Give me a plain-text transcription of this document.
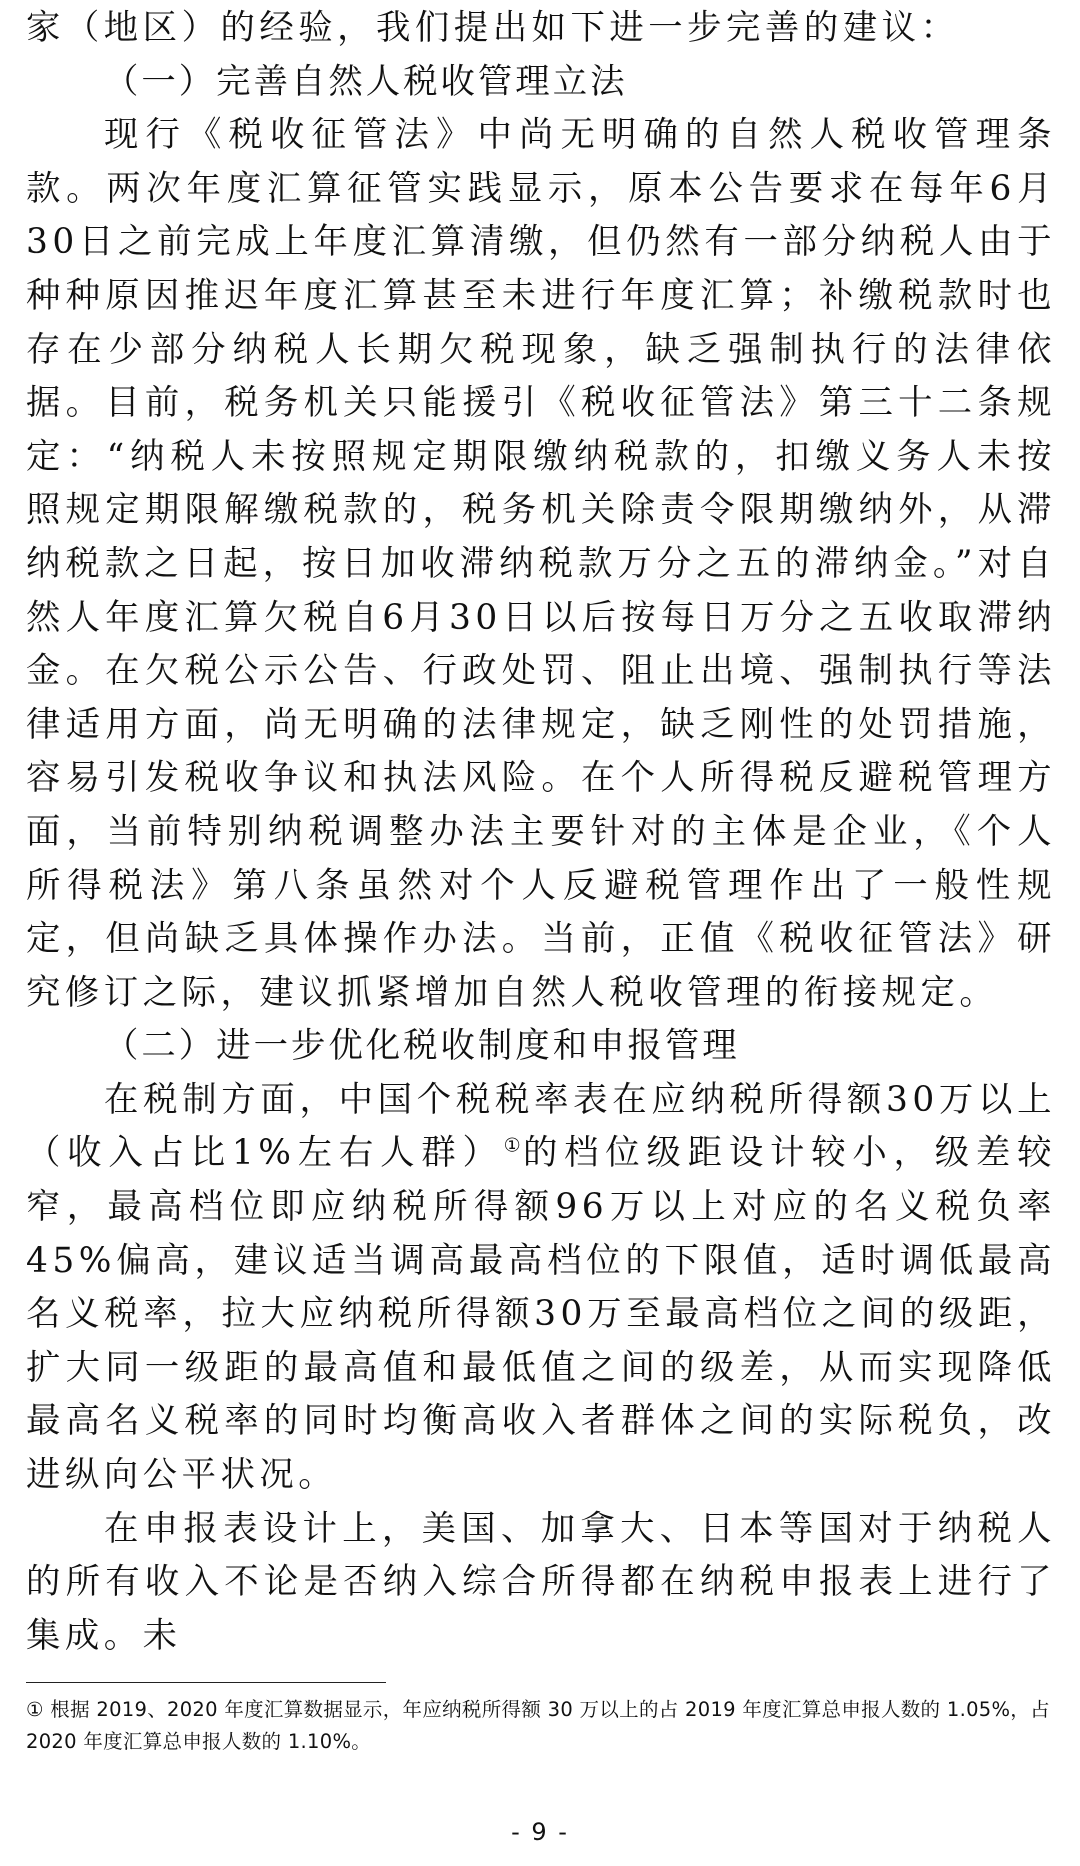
家（地区）的经验，我们提出如下进一步完善的建议：

（一）完善自然人税收管理立法

现行《税收征管法》中尚无明确的自然人税收管理条款。两次年度汇算征管实践显示，原本公告要求在每年6月30日之前完成上年度汇算清缴，但仍然有一部分纳税人由于种种原因推迟年度汇算甚至未进行年度汇算；补缴税款时也存在少部分纳税人长期欠税现象，缺乏强制执行的法律依据。目前，税务机关只能援引《税收征管法》第三十二条规定：“纳税人未按照规定期限缴纳税款的，扣缴义务人未按照规定期限解缴税款的，税务机关除责令限期缴纳外，从滞纳税款之日起，按日加收滞纳税款万分之五的滞纳金。”对自然人年度汇算欠税自6月30日以后按每日万分之五收取滞纳金。在欠税公示公告、行政处罚、阻止出境、强制执行等法律适用方面，尚无明确的法律规定，缺乏刚性的处罚措施，容易引发税收争议和执法风险。在个人所得税反避税管理方面，当前特别纳税调整办法主要针对的主体是企业，《个人所得税法》第八条虽然对个人反避税管理作出了一般性规定，但尚缺乏具体操作办法。当前，正值《税收征管法》研究修订之际，建议抓紧增加自然人税收管理的衔接规定。

（二）进一步优化税收制度和申报管理

在税制方面，中国个税税率表在应纳税所得额30万以上（收入占比1%左右人群）①的档位级距设计较小，级差较窄，最高档位即应纳税所得额96万以上对应的名义税负率45%偏高，建议适当调高最高档位的下限值，适时调低最高名义税率，拉大应纳税所得额30万至最高档位之间的级距，扩大同一级距的最高值和最低值之间的级差，从而实现降低最高名义税率的同时均衡高收入者群体之间的实际税负，改进纵向公平状况。

在申报表设计上，美国、加拿大、日本等国对于纳税人的所有收入不论是否纳入综合所得都在纳税申报表上进行了集成。未

① 根据 2019、2020 年度汇算数据显示，年应纳税所得额 30 万以上的占 2019 年度汇算总申报人数的 1.05%，占 2020 年度汇算总申报人数的 1.10%。

- 9 -
